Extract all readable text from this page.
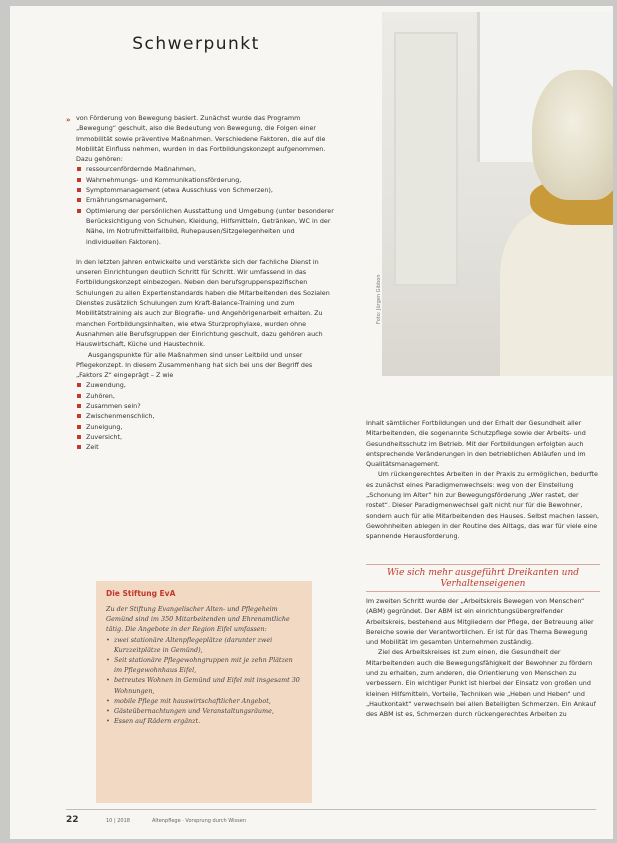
Foto: Jürgen Gibbon
Schwerpunkt
» von Förderung von Bewegung basiert. Zunächst wurde das Programm „Bewegung“ geschult, also die Bedeutung von Bewegung, die Folgen einer Immobilität sowie präventive Maßnahmen. Verschiedene Faktoren, die auf die Mobilität Einfluss nehmen, wurden in das Fortbildungskonzept aufgenommen. Dazu gehören:

ressourcenfördernde Maßnahmen,
Wahrnehmungs- und Kommunikationsförderung,
Symptommanagement (etwa Ausschluss von Schmerzen),
Ernährungsmanagement,
Optimierung der persönlichen Ausstattung und Umgebung (unter besonderer Berücksichtigung von Schuhen, Kleidung, Hilfsmitteln, Getränken, WC in der Nähe, im Notrufmittelfallbild, Ruhepausen/Sitzgelegenheiten und individuellen Faktoren).

In den letzten Jahren entwickelte und verstärkte sich der fachliche Dienst in unseren Einrichtungen deutlich Schritt für Schritt. Wir umfassend in das Fortbildungskonzept einbezogen. Neben den berufsgruppenspezifischen Schulungen zu allen Expertenstandards haben die Mitarbeitenden des Sozialen Dienstes zusätzlich Schulungen zum Kraft-Balance-Training und zum Mobilitätstraining als auch zur Biografie- und Angehörigenarbeit erhalten. Zu manchen Fortbildungsinhalten, wie etwa Sturzprophylaxe, wurden ohne Ausnahmen alle Berufsgruppen der Einrichtung geschult, dazu gehören auch Hauswirtschaft, Küche und Haustechnik.

Ausgangspunkte für alle Maßnahmen sind unser Leitbild und unser Pflegekonzept. In diesem Zusammenhang hat sich bei uns der Begriff des „Faktors Z“ eingeprägt – Z wie

Zuwendung,
Zuhören,
Zusammen sein?
Zwischenmenschlich,
Zuneigung,
Zuversicht,
Zeit
Die Stiftung EvA
Zu der Stiftung Evangelischer Alten- und Pflegeheim Gemünd sind im 350 Mitarbeitenden und Ehrenamtliche tätig. Die Angebote in der Region Eifel umfassen:
• zwei stationäre Altenpflegeplätze (darunter zwei Kurzzeitplätze in Gemünd),
• Seit stationäre Pflegewohngruppen mit je zehn Plätzen im Pflegewohnhaus Eifel,
• betreutes Wohnen in Gemünd und Eifel mit insgesamt 30 Wohnungen,
• mobile Pflege mit hauswirtschaftlicher Angebot,
• Gästeübernachtungen und Veranstaltungsräume,
• Essen auf Rädern ergänzt.

Inhalt sämtlicher Fortbildungen und der Erhalt der Gesundheit aller Mitarbeitenden, die sogenannte Schutzpflege sowie der Arbeits- und Gesundheitsschutz im Betrieb. Mit der Fortbildungen erfolgten auch entsprechende Veränderungen in den betrieblichen Abläufen und im Qualitätsmanagement.

Um rückengerechtes Arbeiten in der Praxis zu ermöglichen, bedurfte es zunächst eines Paradigmenwechsels: weg von der Einstellung „Schonung im Alter“ hin zur Bewegungsförderung „Wer rastet, der rostet“. Dieser Paradigmenwechsel galt nicht nur für die Bewohner, sondern auch für alle Mitarbeitenden des Hauses. Selbst machen lassen, Gewohnheiten ablegen in der Routine des Alltags, das war für viele eine spannende Herausforderung.

Wie sich mehr ausgeführt Dreikanten und Verhaltenseigenen

Im zweiten Schritt wurde der „Arbeitskreis Bewegen von Menschen“ (ABM) gegründet. Der ABM ist ein einrichtungsübergreifender Arbeitskreis, bestehend aus Mitgliedern der Pflege, der Betreuung aller Bereiche sowie der Verantwortlichen. Er ist für das Thema Bewegung und Mobilität im gesamten Unternehmen zuständig.

Ziel des Arbeitskreises ist zum einen, die Gesundheit der Mitarbeitenden auch die Bewegungsfähigkeit der Bewohner zu fördern und zu erhalten, zum anderen, die Orientierung von Menschen zu verbessern. Ein wichtiger Punkt ist hierbei der Einsatz von großen und kleinen Hilfsmitteln, Vorteile, Techniken wie „Heben und Heben“ und „Hautkontakt“ verwechseln bei allen Beteiligten Schmerzen. Ein Ankauf des ABM ist es, Schmerzen durch rückengerechtes Arbeiten zu

22	10 | 2018	Altenpflege · Vorsprung durch Wissen
